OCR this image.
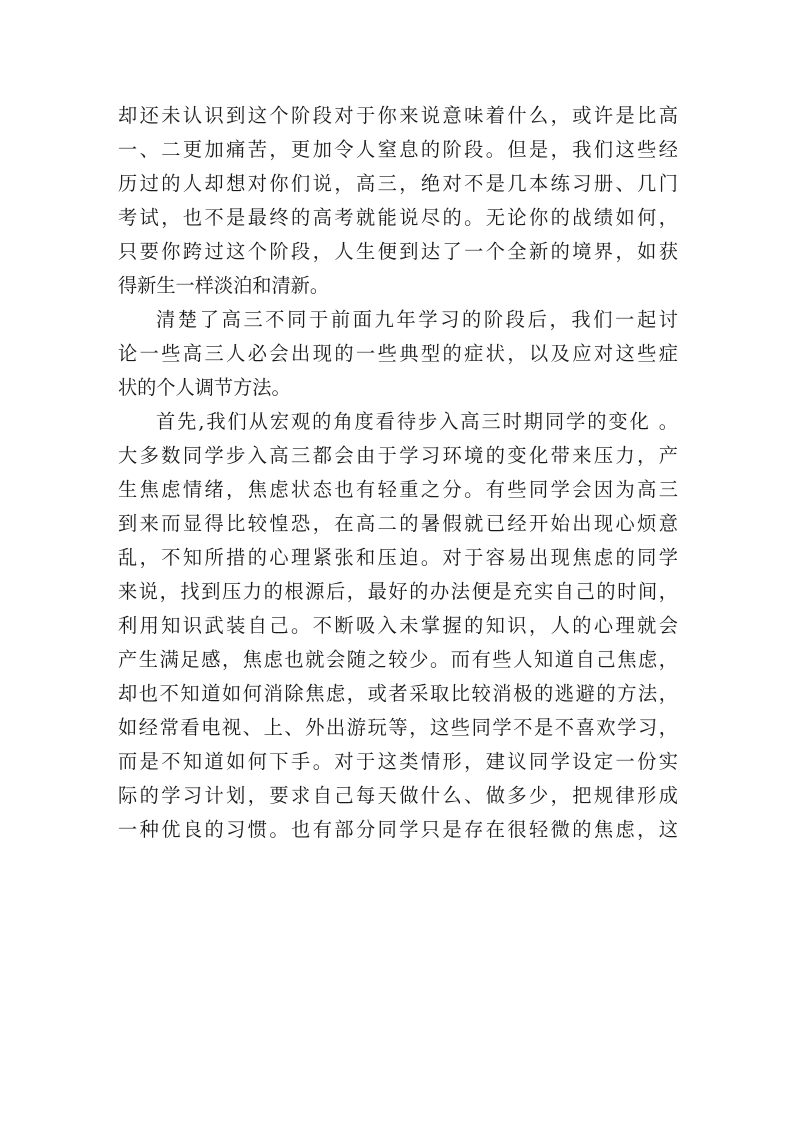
却还未认识到这个阶段对于你来说意味着什么，或许是比高
一、二更加痛苦，更加令人窒息的阶段。但是，我们这些经
历过的人却想对你们说，高三，绝对不是几本练习册、几门
考试，也不是最终的高考就能说尽的。无论你的战绩如何，
只要你跨过这个阶段，人生便到达了一个全新的境界，如获
得新生一样淡泊和清新。
清楚了高三不同于前面九年学习的阶段后，我们一起讨
论一些高三人必会出现的一些典型的症状，以及应对这些症
状的个人调节方法。
首先,我们从宏观的角度看待步入高三时期同学的变化 。
大多数同学步入高三都会由于学习环境的变化带来压力，产
生焦虑情绪，焦虑状态也有轻重之分。有些同学会因为高三
到来而显得比较惶恐，在高二的暑假就已经开始出现心烦意
乱，不知所措的心理紧张和压迫。对于容易出现焦虑的同学
来说，找到压力的根源后，最好的办法便是充实自己的时间，
利用知识武装自己。不断吸入未掌握的知识，人的心理就会
产生满足感，焦虑也就会随之较少。而有些人知道自己焦虑，
却也不知道如何消除焦虑，或者采取比较消极的逃避的方法，
如经常看电视、上、外出游玩等，这些同学不是不喜欢学习，
而是不知道如何下手。对于这类情形，建议同学设定一份实
际的学习计划，要求自己每天做什么、做多少，把规律形成
一种优良的习惯。也有部分同学只是存在很轻微的焦虑，这
